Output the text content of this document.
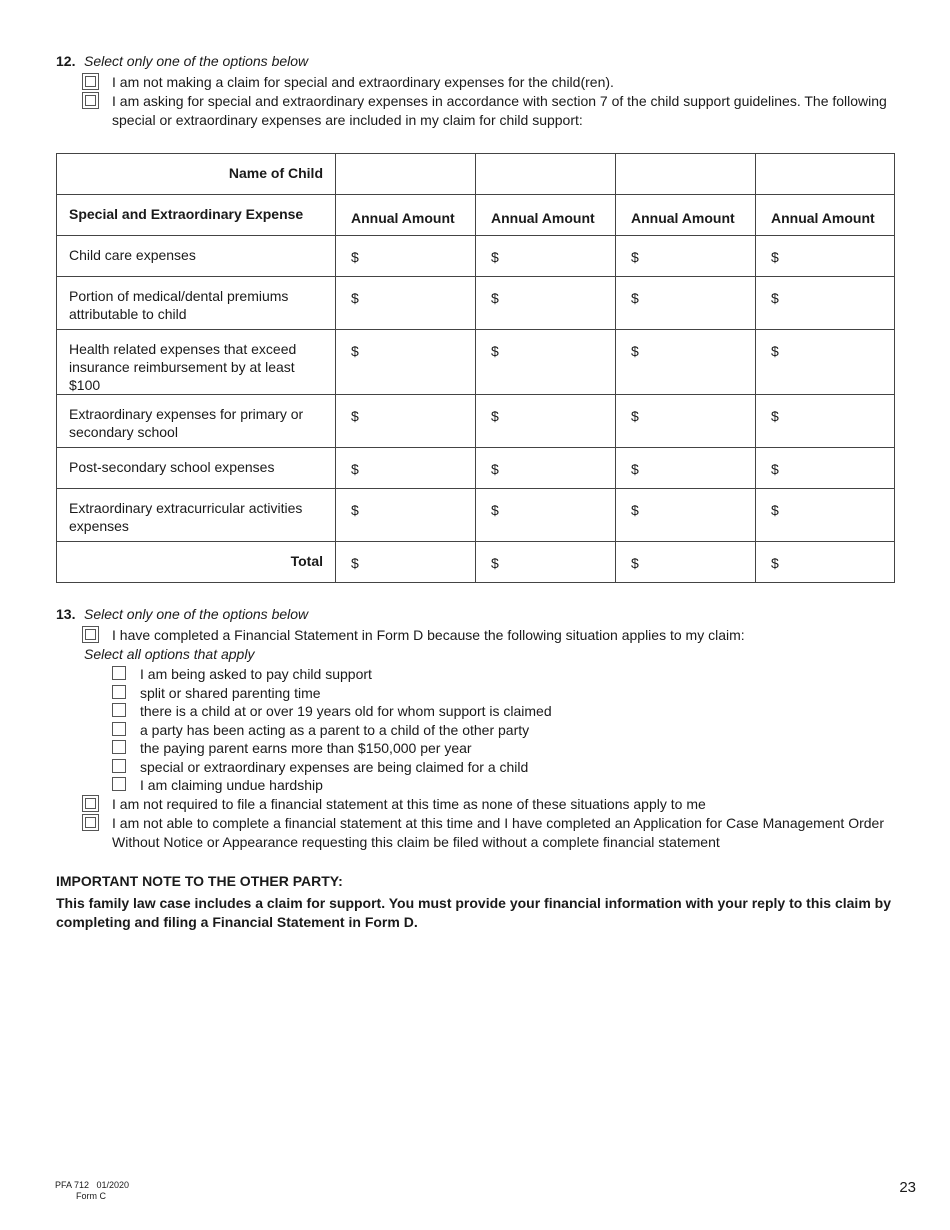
12. Select only one of the options below
I am not making a claim for special and extraordinary expenses for the child(ren).
I am asking for special and extraordinary expenses in accordance with section 7 of the child support guidelines. The following special or extraordinary expenses are included in my claim for child support:
Name of Child				
Special and Extraordinary Expense	Annual Amount	Annual Amount	Annual Amount	Annual Amount
Child care expenses	$	$	$	$
Portion of medical/dental premiums attributable to child	$	$	$	$
Health related expenses that exceed insurance reimbursement by at least $100	$	$	$	$
Extraordinary expenses for primary or secondary school	$	$	$	$
Post-secondary school expenses	$	$	$	$
Extraordinary extracurricular activities expenses	$	$	$	$
Total	$	$	$	$
13. Select only one of the options below
I have completed a Financial Statement in Form D because the following situation applies to my claim:
Select all options that apply
I am being asked to pay child support
split or shared parenting time
there is a child at or over 19 years old for whom support is claimed
a party has been acting as a parent to a child of the other party
the paying parent earns more than $150,000 per year
special or extraordinary expenses are being claimed for a child
I am claiming undue hardship
I am not required to file a financial statement at this time as none of these situations apply to me
I am not able to complete a financial statement at this time and I have completed an Application for Case Management Order Without Notice or Appearance requesting this claim be filed without a complete financial statement
IMPORTANT NOTE TO THE OTHER PARTY:
This family law case includes a claim for support. You must provide your financial information with your reply to this claim by completing and filing a Financial Statement in Form D.
PFA 712   01/2020
Form C	23
